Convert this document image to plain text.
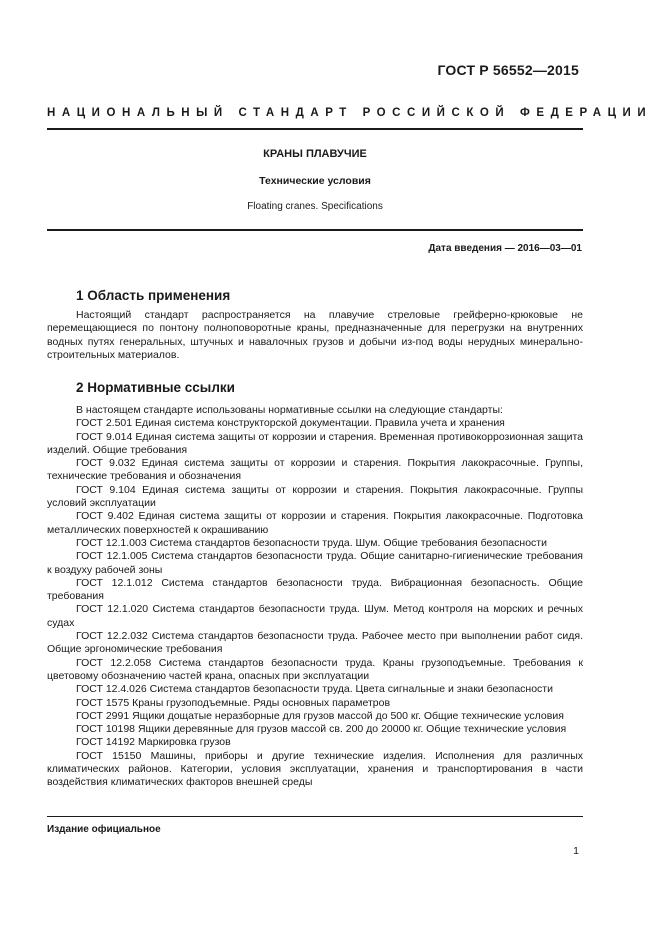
ГОСТ Р 56552—2015
НАЦИОНАЛЬНЫЙ СТАНДАРТ РОССИЙСКОЙ ФЕДЕРАЦИИ
КРАНЫ ПЛАВУЧИЕ
Технические условия
Floating cranes. Specifications
Дата введения — 2016—03—01
1 Область применения

Настоящий стандарт распространяется на плавучие стреловые грейферно-крюковые не перемещающиеся по понтону полноповоротные краны, предназначенные для перегрузки на внутренних водных путях генеральных, штучных и навалочных грузов и добычи из-под воды нерудных минерально-строительных материалов.

2 Нормативные ссылки

В настоящем стандарте использованы нормативные ссылки на следующие стандарты:

ГОСТ 2.501 Единая система конструкторской документации. Правила учета и хранения

ГОСТ 9.014 Единая система защиты от коррозии и старения. Временная противокоррозионная защита изделий. Общие требования

ГОСТ 9.032 Единая система защиты от коррозии и старения. Покрытия лакокрасочные. Группы, технические требования и обозначения

ГОСТ 9.104 Единая система защиты от коррозии и старения. Покрытия лакокрасочные. Группы условий эксплуатации

ГОСТ 9.402 Единая система защиты от коррозии и старения. Покрытия лакокрасочные. Подготовка металлических поверхностей к окрашиванию

ГОСТ 12.1.003 Система стандартов безопасности труда. Шум. Общие требования безопасности

ГОСТ 12.1.005 Система стандартов безопасности труда. Общие санитарно-гигиенические требования к воздуху рабочей зоны

ГОСТ 12.1.012 Система стандартов безопасности труда. Вибрационная безопасность. Общие требования

ГОСТ 12.1.020 Система стандартов безопасности труда. Шум. Метод контроля на морских и речных судах

ГОСТ 12.2.032 Система стандартов безопасности труда. Рабочее место при выполнении работ сидя. Общие эргономические требования

ГОСТ 12.2.058 Система стандартов безопасности труда. Краны грузоподъемные. Требования к цветовому обозначению частей крана, опасных при эксплуатации

ГОСТ 12.4.026 Система стандартов безопасности труда. Цвета сигнальные и знаки безопасности

ГОСТ 1575 Краны грузоподъемные. Ряды основных параметров

ГОСТ 2991 Ящики дощатые неразборные для грузов массой до 500 кг. Общие технические условия

ГОСТ 10198 Ящики деревянные для грузов массой св. 200 до 20000 кг. Общие технические условия

ГОСТ 14192 Маркировка грузов

ГОСТ 15150 Машины, приборы и другие технические изделия. Исполнения для различных климатических районов. Категории, условия эксплуатации, хранения и транспортирования в части воздействия климатических факторов внешней среды

Издание официальное
1
